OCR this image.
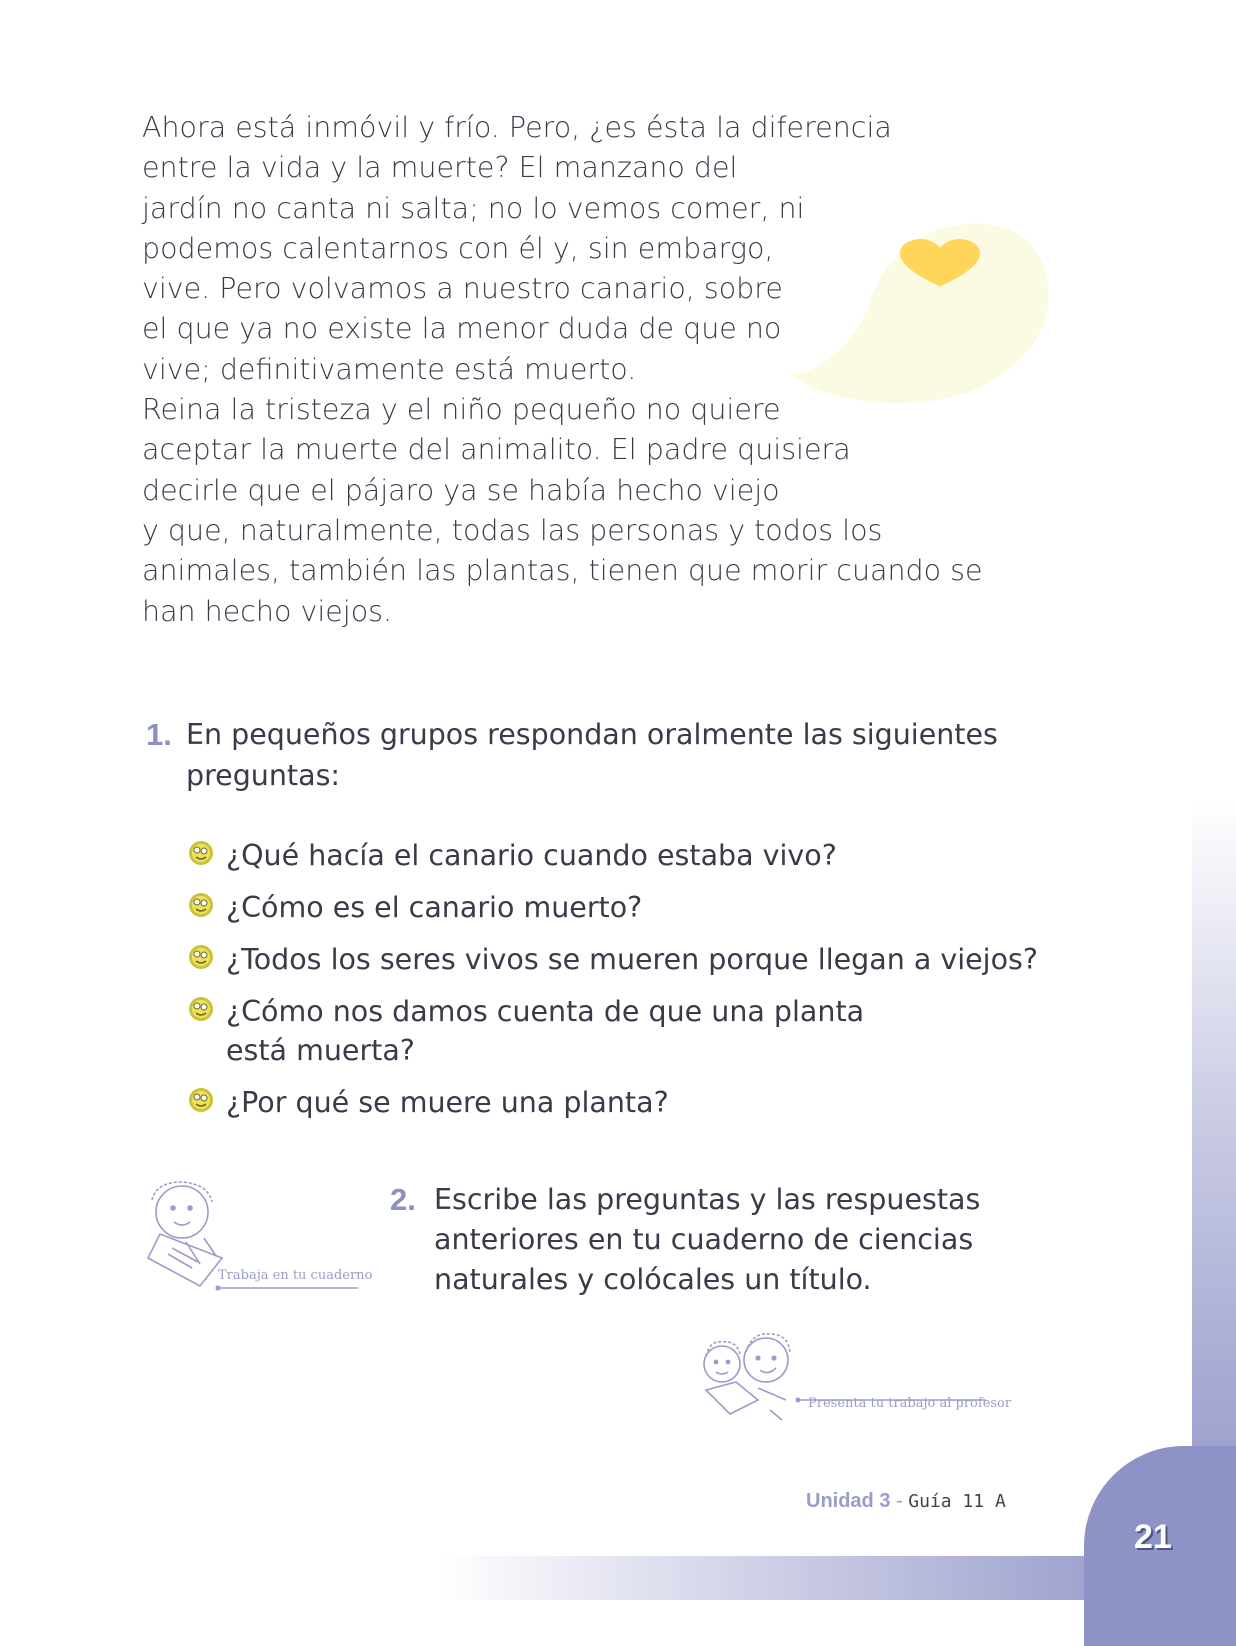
21

Ahora está inmóvil y frío. Pero, ¿es ésta la diferencia

entre la vida y la muerte? El manzano del

jardín no canta ni salta; no lo vemos comer, ni

podemos calentarnos con él y, sin embargo,

vive. Pero volvamos a nuestro canario, sobre

el que ya no existe la menor duda de que no

vive; definitivamente está muerto.

Reina la tristeza y el niño pequeño no quiere

aceptar la muerte del animalito. El padre quisiera

decirle que el pájaro ya se había hecho viejo

y que, naturalmente, todas las personas y todos los

animales, también las plantas, tienen que morir cuando se

han hecho viejos.

1. En pequeños grupos respondan oralmente las siguientes
preguntas:
¿Qué hacía el canario cuando estaba vivo?
¿Cómo es el canario muerto?
¿Todos los seres vivos se mueren porque llegan a viejos?
¿Cómo nos damos cuenta de que una planta
está muerta?
¿Por qué se muere una planta?
Trabaja en tu cuaderno
2. Escribe las preguntas y las respuestas
anteriores en tu cuaderno de ciencias
naturales y colócales un título.
Presenta tu trabajo al profesor
Unidad 3 - Guía 11 A
